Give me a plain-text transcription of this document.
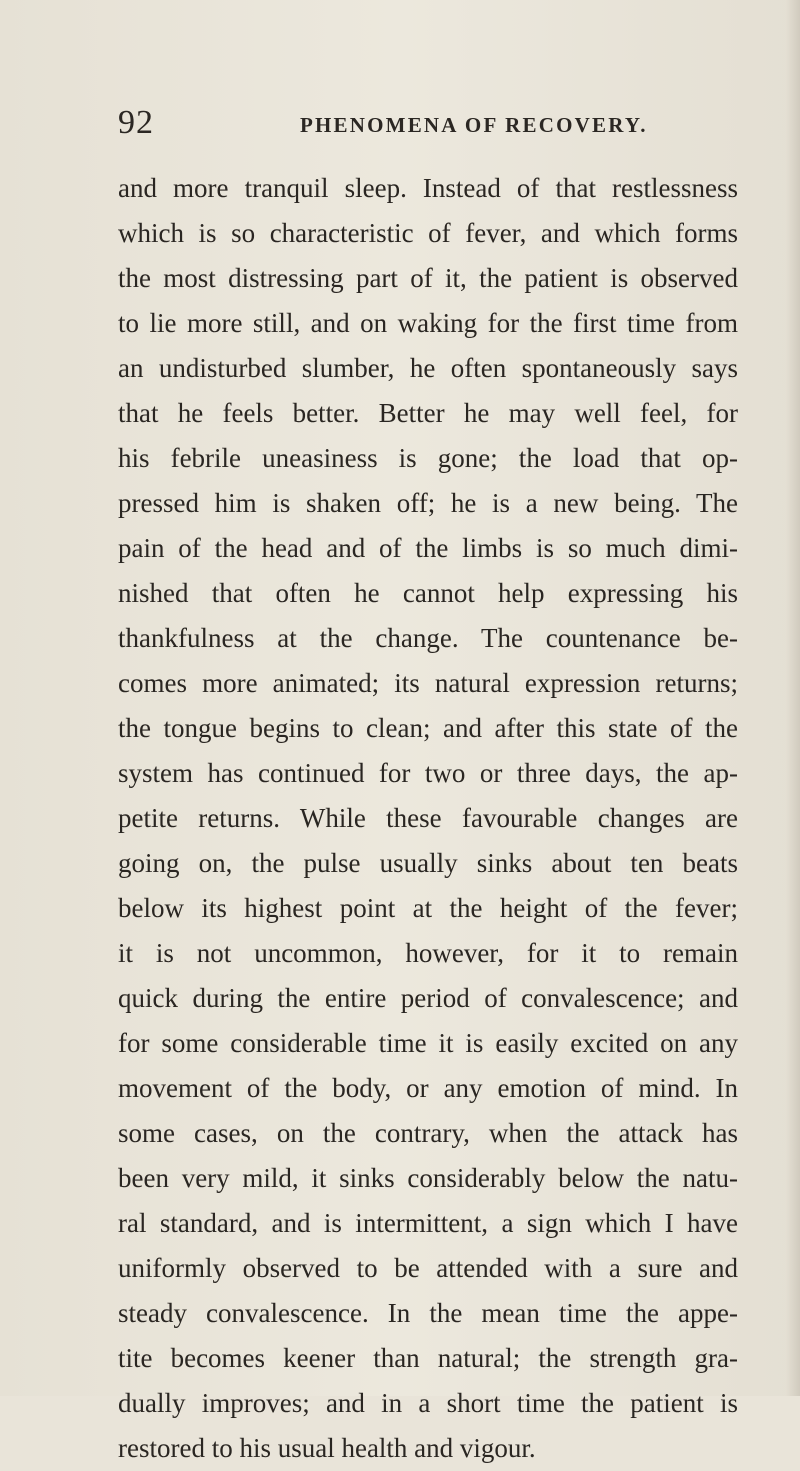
92	PHENOMENA OF RECOVERY.
and more tranquil sleep. Instead of that restlessness
which is so characteristic of fever, and which forms
the most distressing part of it, the patient is observed
to lie more still, and on waking for the first time from
an undisturbed slumber, he often spontaneously says
that he feels better. Better he may well feel, for
his febrile uneasiness is gone; the load that op-
pressed him is shaken off; he is a new being. The
pain of the head and of the limbs is so much dimi-
nished that often he cannot help expressing his
thankfulness at the change. The countenance be-
comes more animated; its natural expression returns;
the tongue begins to clean; and after this state of the
system has continued for two or three days, the ap-
petite returns. While these favourable changes are
going on, the pulse usually sinks about ten beats
below its highest point at the height of the fever;
it is not uncommon, however, for it to remain
quick during the entire period of convalescence; and
for some considerable time it is easily excited on any
movement of the body, or any emotion of mind. In
some cases, on the contrary, when the attack has
been very mild, it sinks considerably below the natu-
ral standard, and is intermittent, a sign which I have
uniformly observed to be attended with a sure and
steady convalescence. In the mean time the appe-
tite becomes keener than natural; the strength gra-
dually improves; and in a short time the patient is
restored to his usual health and vigour.
